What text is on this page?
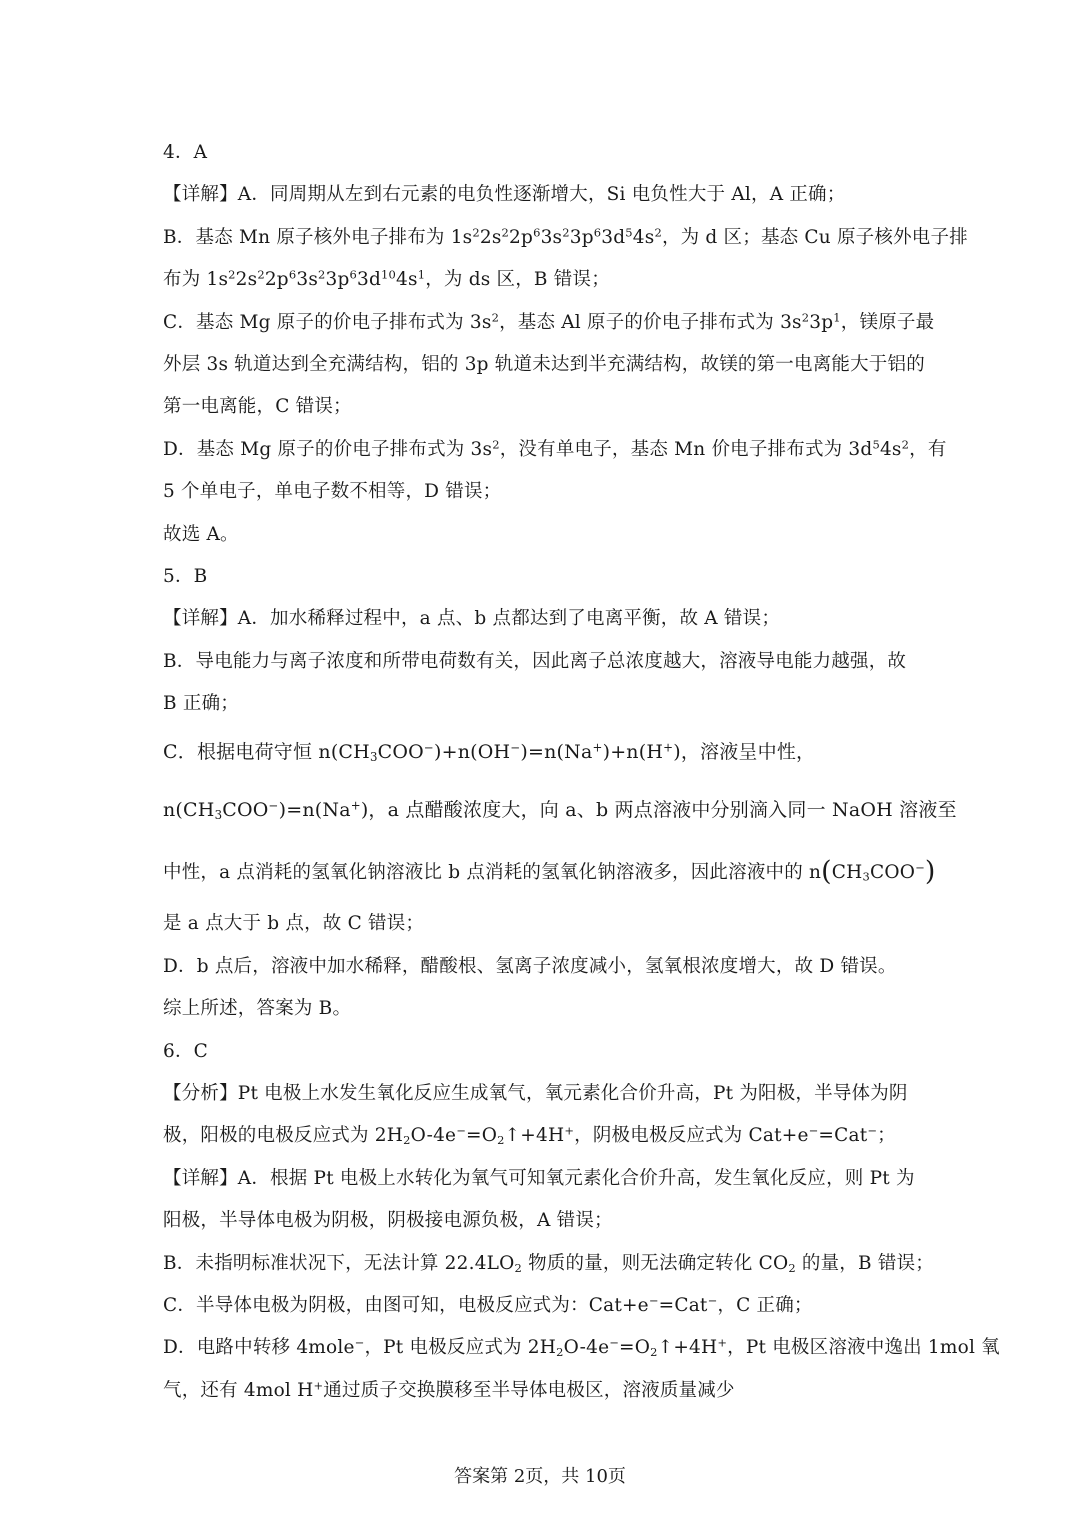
4．A
【详解】A．同周期从左到右元素的电负性逐渐增大，Si 电负性大于 Al，A 正确；
B．基态 Mn 原子核外电子排布为 $1s^22s^22p^63s^23p^63d^54s^2$，为 d 区；基态 Cu 原子核外电子排
布为 $1s^22s^22p^63s^23p^63d^{10}4s^1$，为 ds 区，B 错误；
C．基态 Mg 原子的价电子排布式为 $3s^2$，基态 Al 原子的价电子排布式为 $3s^23p^1$，镁原子最
外层 3s 轨道达到全充满结构，铝的 3p 轨道未达到半充满结构，故镁的第一电离能大于铝的
第一电离能，C 错误；
D．基态 Mg 原子的价电子排布式为 $3s^2$，没有单电子，基态 Mn 价电子排布式为 $3d^54s^2$，有
5 个单电子，单电子数不相等，D 错误；
故选 A。
5．B
【详解】A．加水稀释过程中，a 点、b 点都达到了电离平衡，故 A 错误；
B．导电能力与离子浓度和所带电荷数有关，因此离子总浓度越大，溶液导电能力越强，故
B 正确；
C．根据电荷守恒 $n(CH_3COO^-)+n(OH^-)=n(Na^+)+n(H^+)$，溶液呈中性，
$n(CH_3COO^-)=n(Na^+)$，a 点醋酸浓度大，向 a、b 两点溶液中分别滴入同一 NaOH 溶液至
中性，a 点消耗的氢氧化钠溶液比 b 点消耗的氢氧化钠溶液多，因此溶液中的 $n(CH_3COO^-)$
是 a 点大于 b 点，故 C 错误；
D．b 点后，溶液中加水稀释，醋酸根、氢离子浓度减小，氢氧根浓度增大，故 D 错误。
综上所述，答案为 B。
6．C
【分析】Pt 电极上水发生氧化反应生成氧气，氧元素化合价升高，Pt 为阳极，半导体为阴
极，阳极的电极反应式为 $2H_2O-4e^-=O_2↑+4H^+$，阴极电极反应式为 Cat+e−=Cat−；
【详解】A．根据 Pt 电极上水转化为氧气可知氧元素化合价升高，发生氧化反应，则 Pt 为
阳极，半导体电极为阴极，阴极接电源负极，A 错误；
B．未指明标准状况下，无法计算 $22.4LO_2$ 物质的量，则无法确定转化 $CO_2$ 的量，B 错误；
C．半导体电极为阴极，由图可知，电极反应式为：Cat+e−=Cat−，C 正确；
D．电路中转移 4mole−，Pt 电极反应式为 $2H_2O-4e^-=O_2↑+4H^+$，Pt 电极区溶液中逸出 1mol 氧
气，还有 4mol H+通过质子交换膜移至半导体电极区，溶液质量减少
答案第 2页，共 10页
